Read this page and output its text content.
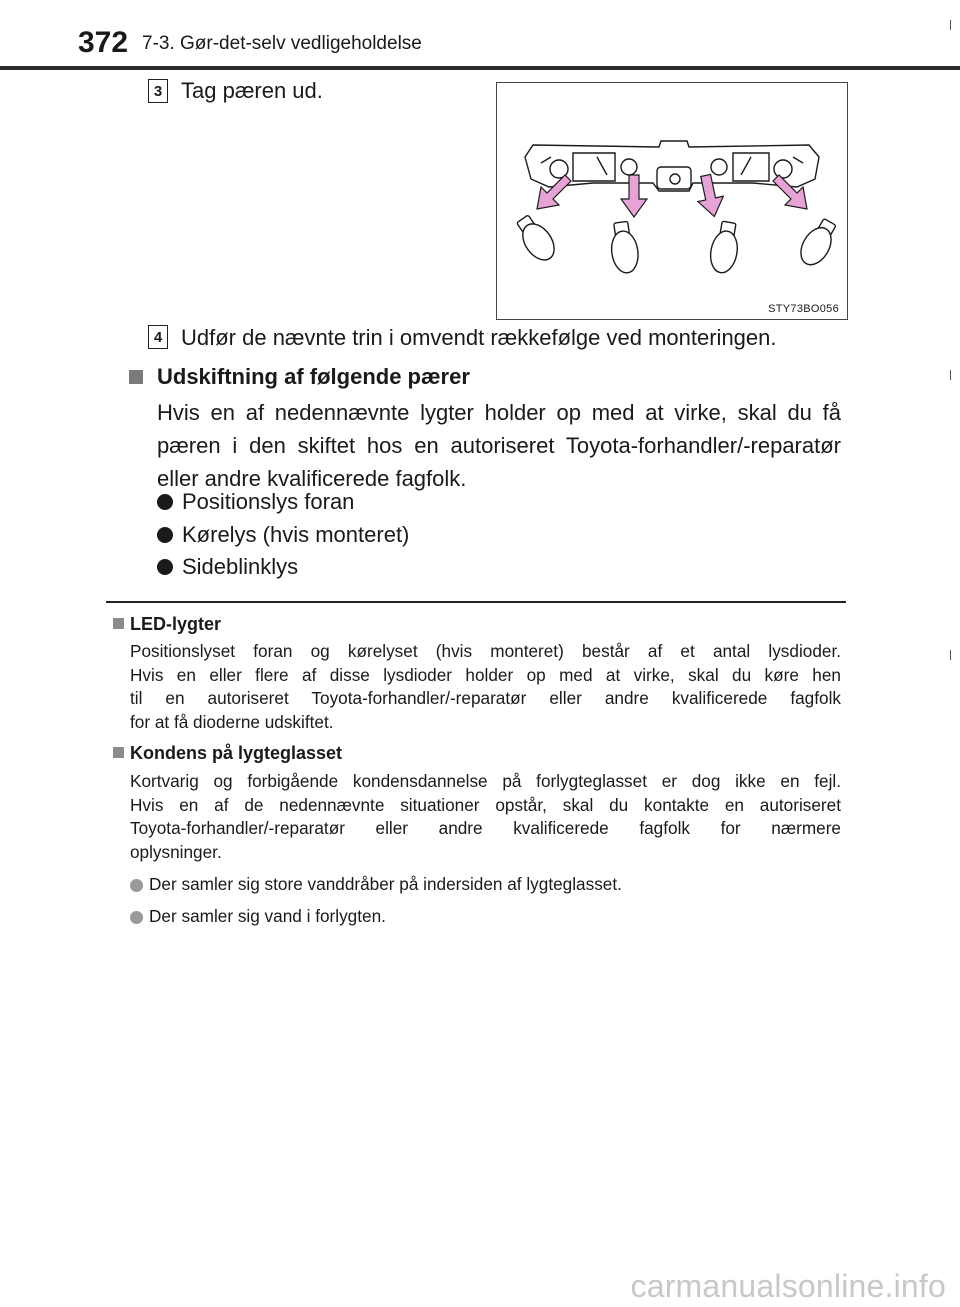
372 7-3. Gør-det-selv vedligeholdelse
3 Tag pæren ud.
STY73BO056
4 Udfør de nævnte trin i omvendt rækkefølge ved monteringen.
Udskiftning af følgende pærer
Hvis en af nedennævnte lygter holder op med at virke, skal du få
pæren i den skiftet hos en autoriseret Toyota-forhandler/-reparatør
eller andre kvalificerede fagfolk.
Positionslys foran
Kørelys (hvis monteret)
Sideblinklys
LED-lygter
Positionslyset foran og kørelyset (hvis monteret) består af et antal lysdioder.
Hvis en eller flere af disse lysdioder holder op med at virke, skal du køre hen
til en autoriseret Toyota-forhandler/-reparatør eller andre kvalificerede fagfolk
for at få dioderne udskiftet.
Kondens på lygteglasset
Kortvarig og forbigående kondensdannelse på forlygteglasset er dog ikke en fejl.
Hvis en af de nedennævnte situationer opstår, skal du kontakte en autoriseret
Toyota-forhandler/-reparatør eller andre kvalificerede fagfolk for nærmere
oplysninger.
Der samler sig store vanddråber på indersiden af lygteglasset.
Der samler sig vand i forlygten.
carmanualsonline.info
